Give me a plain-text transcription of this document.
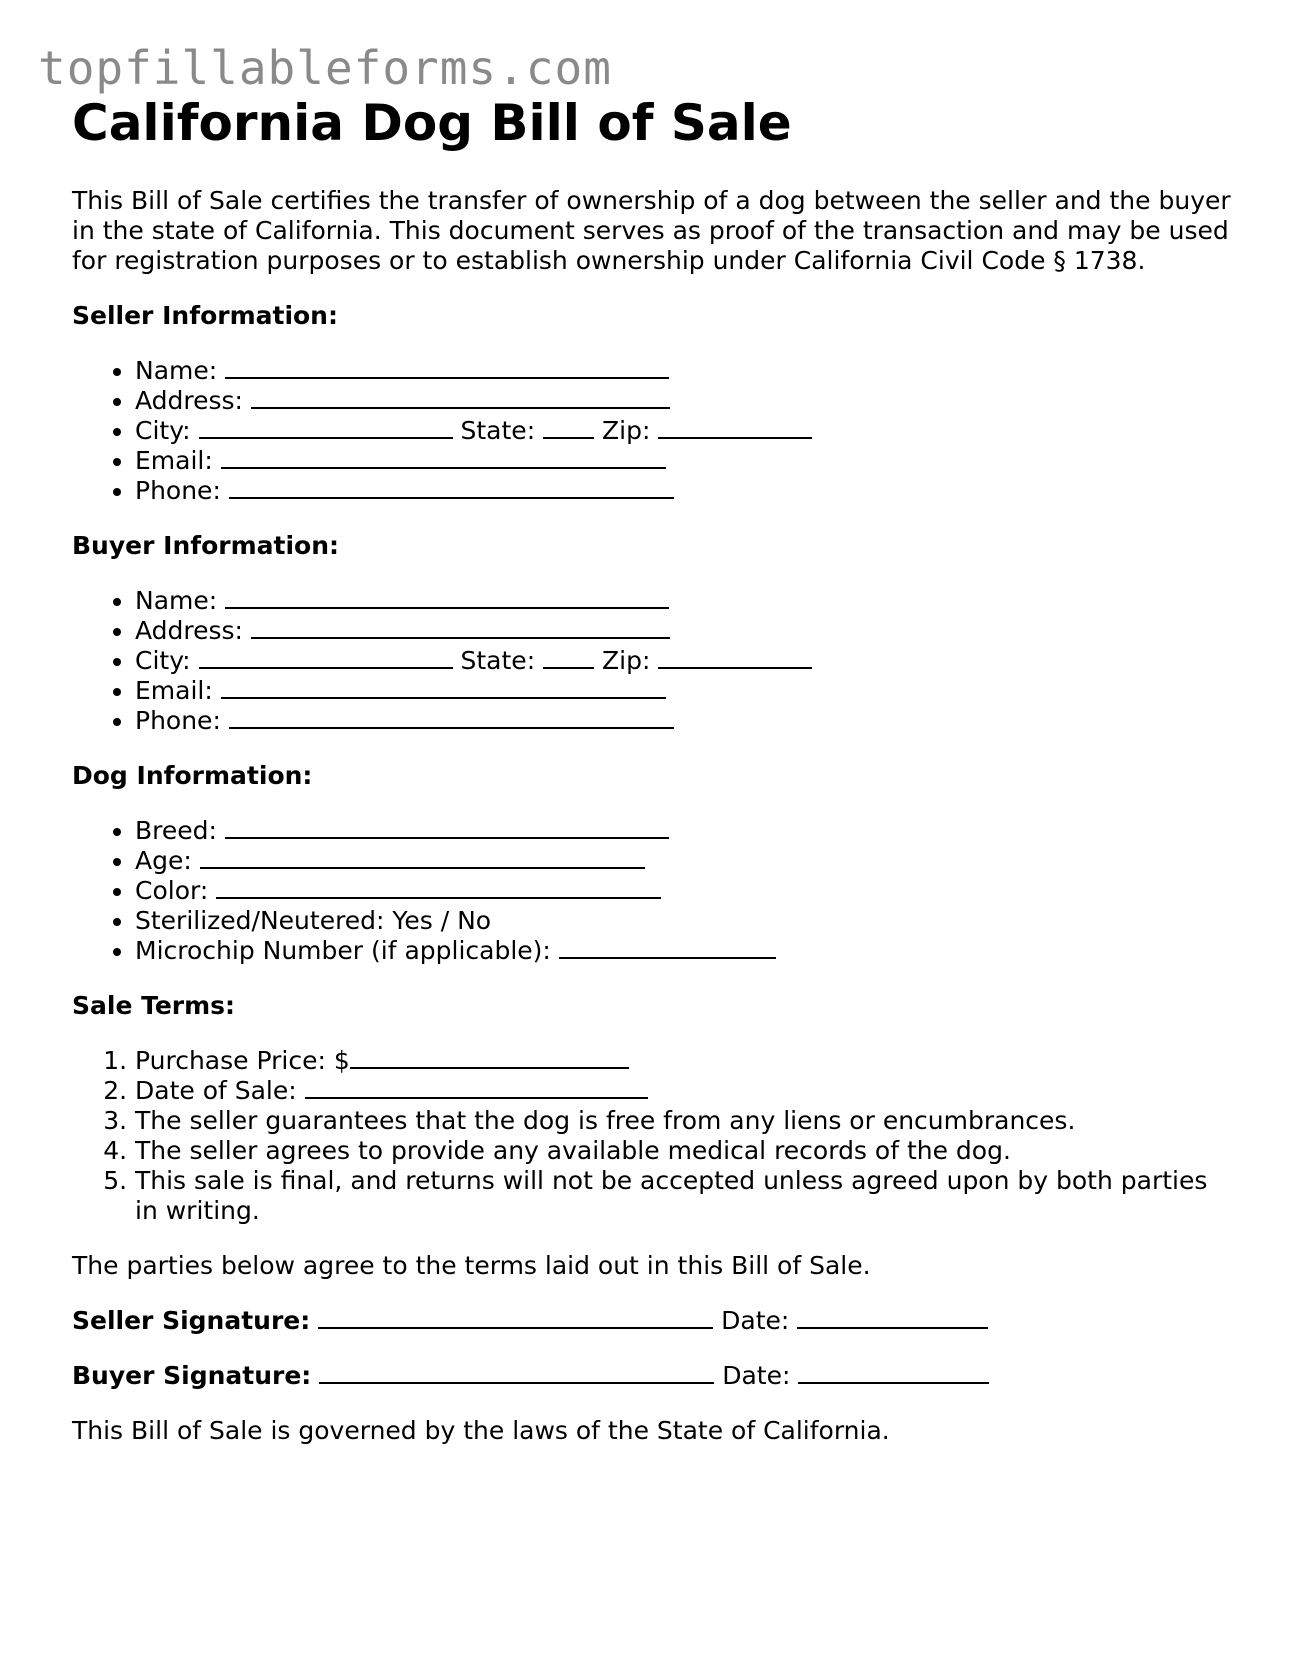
topfillableforms.com
California Dog Bill of Sale

This Bill of Sale certifies the transfer of ownership of a dog between the seller and the buyer in the state of California. This document serves as proof of the transaction and may be used for registration purposes or to establish ownership under California Civil Code § 1738.

Seller Information:

• Name:
• Address:
• City:	State:	Zip:
• Email:
• Phone:

Buyer Information:

• Name:
• Address:
• City:	State:	Zip:
• Email:
• Phone:

Dog Information:

• Breed:
• Age:
• Color:
• Sterilized/Neutered: Yes / No
• Microchip Number (if applicable):

Sale Terms:

1. Purchase Price: $
2. Date of Sale:
3. The seller guarantees that the dog is free from any liens or encumbrances.
4. The seller agrees to provide any available medical records of the dog.
5. This sale is final, and returns will not be accepted unless agreed upon by both parties in writing.

The parties below agree to the terms laid out in this Bill of Sale.

Seller Signature:	Date:

Buyer Signature:	Date:

This Bill of Sale is governed by the laws of the State of California.
